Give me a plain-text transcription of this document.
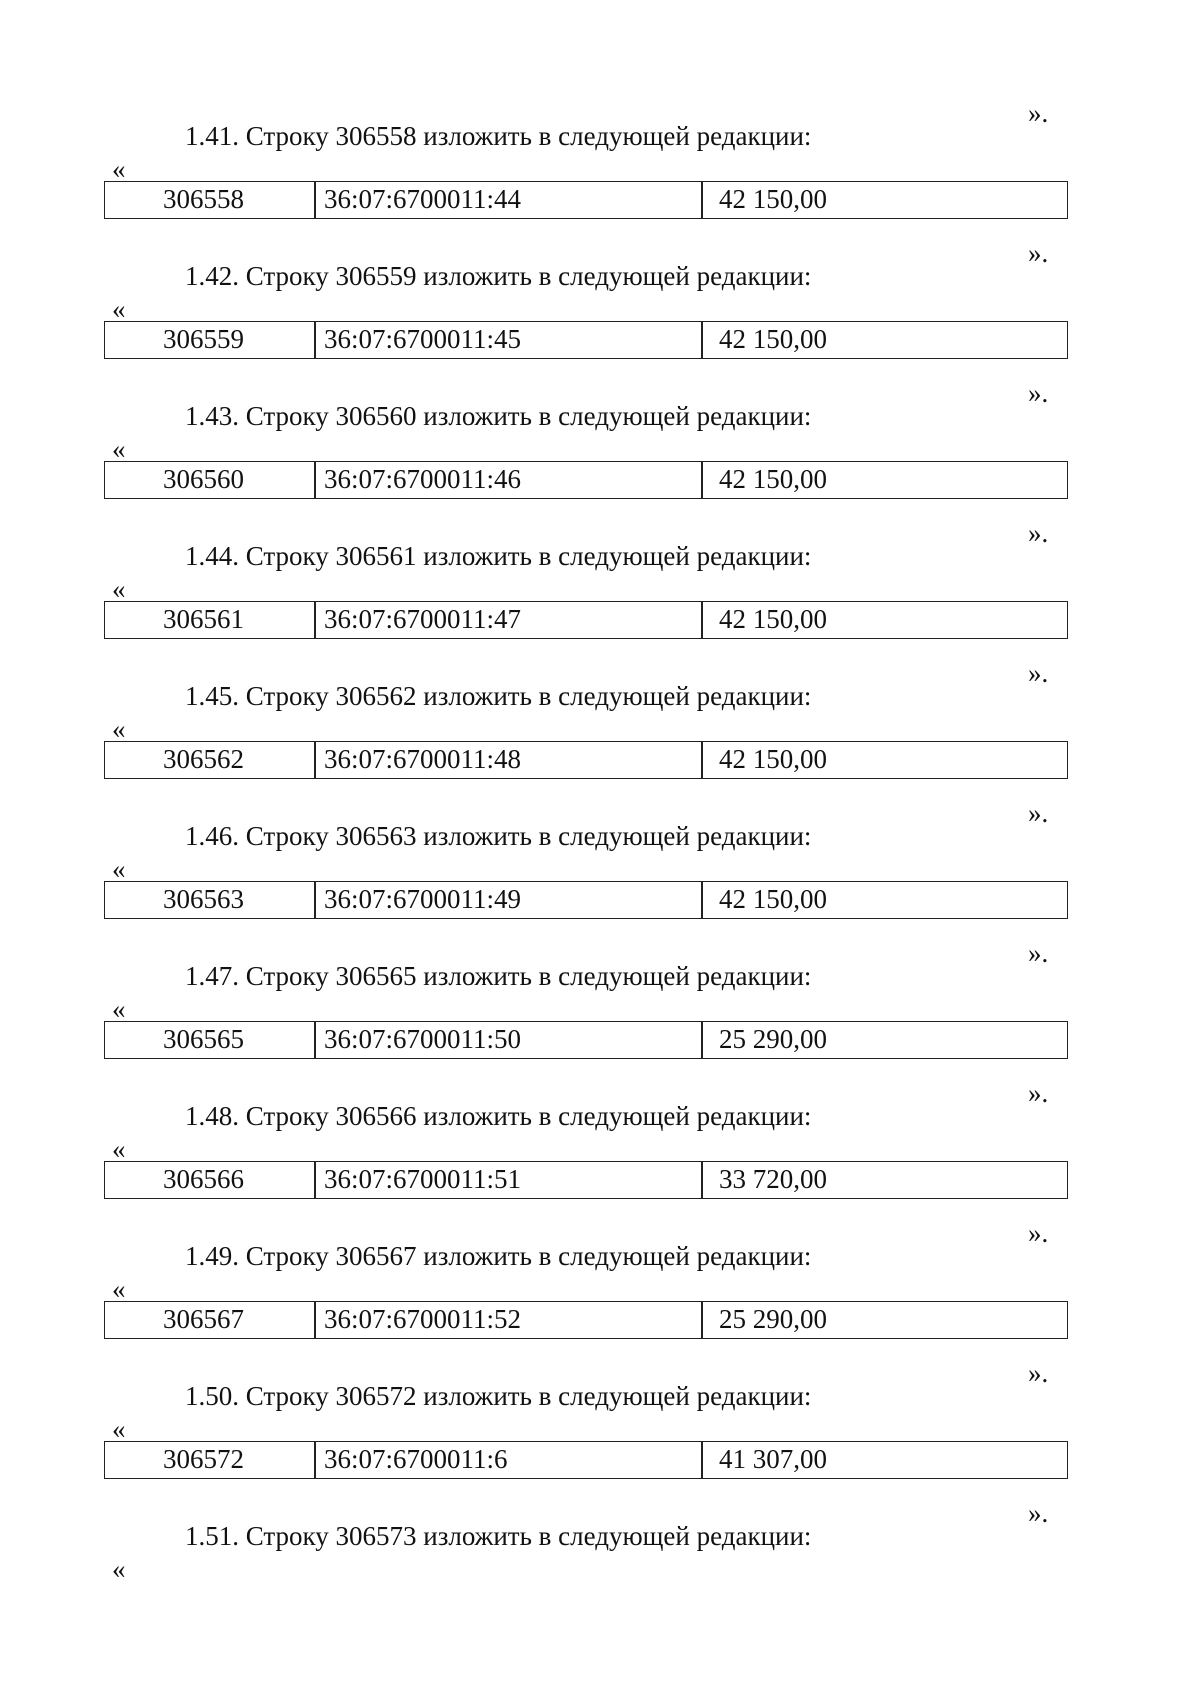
».
1.41. Строку 306558 изложить в следующей редакции:
«
306558	36:07:6700011:44	42 150,00
».
1.42. Строку 306559 изложить в следующей редакции:
«
306559	36:07:6700011:45	42 150,00
».
1.43. Строку 306560 изложить в следующей редакции:
«
306560	36:07:6700011:46	42 150,00
».
1.44. Строку 306561 изложить в следующей редакции:
«
306561	36:07:6700011:47	42 150,00
».
1.45. Строку 306562 изложить в следующей редакции:
«
306562	36:07:6700011:48	42 150,00
».
1.46. Строку 306563 изложить в следующей редакции:
«
306563	36:07:6700011:49	42 150,00
».
1.47. Строку 306565 изложить в следующей редакции:
«
306565	36:07:6700011:50	25 290,00
».
1.48. Строку 306566 изложить в следующей редакции:
«
306566	36:07:6700011:51	33 720,00
».
1.49. Строку 306567 изложить в следующей редакции:
«
306567	36:07:6700011:52	25 290,00
».
1.50. Строку 306572 изложить в следующей редакции:
«
306572	36:07:6700011:6	41 307,00
».
1.51. Строку 306573 изложить в следующей редакции:
«
